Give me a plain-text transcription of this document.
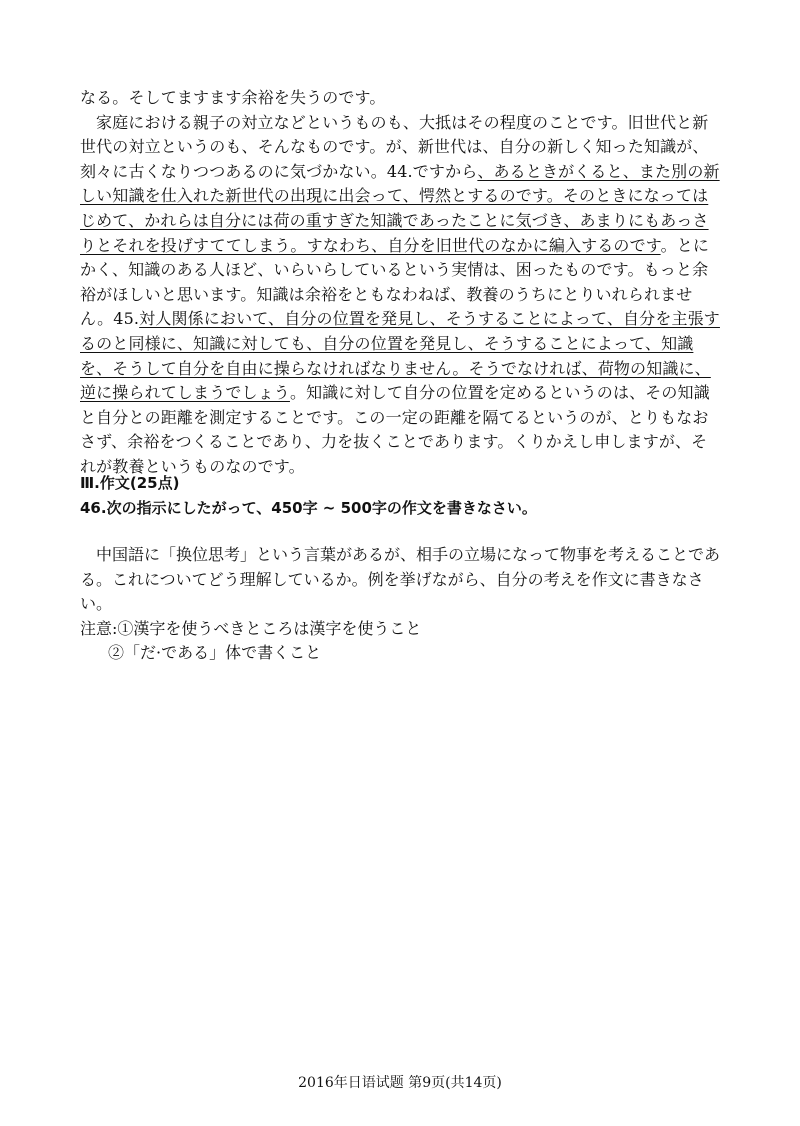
なる。そしてますます余裕を失うのです。

家庭における親子の対立などというものも、大抵はその程度のことです。旧世代と新世代の対立というのも、そんなものです。が、新世代は、自分の新しく知った知識が、刻々に古くなりつつあるのに気づかない。44.ですから、あるときがくると、また別の新しい知識を仕入れた新世代の出現に出会って、愕然とするのです。そのときになってはじめて、かれらは自分には荷の重すぎた知識であったことに気づき、あまりにもあっさりとそれを投げすててしまう。すなわち、自分を旧世代のなかに編入するのです。とにかく、知識のある人ほど、いらいらしているという実情は、困ったものです。もっと余裕がほしいと思います。知識は余裕をともなわねば、教養のうちにとりいれられません。45.対人関係において、自分の位置を発見し、そうすることによって、自分を主張するのと同様に、知識に対しても、自分の位置を発見し、そうすることによって、知識を、そうして自分を自由に操らなければなりません。そうでなければ、荷物の知識に、逆に操られてしまうでしょう。知識に対して自分の位置を定めるというのは、その知識と自分との距離を測定することです。この一定の距離を隔てるというのが、とりもなおさず、余裕をつくることであり、力を抜くことであります。くりかえし申しますが、それが教養というものなのです。

Ⅲ.作文(25点)

46.次の指示にしたがって、450字 ~ 500字の作文を書きなさい。

中国語に「换位思考」という言葉があるが、相手の立場になって物事を考えることである。これについてどう理解しているか。例を挙げながら、自分の考えを作文に書きなさい。

注意:①漢字を使うべきところは漢字を使うこと

②「だ·である」体で書くこと

2016年日语试题 第9页(共14页)
